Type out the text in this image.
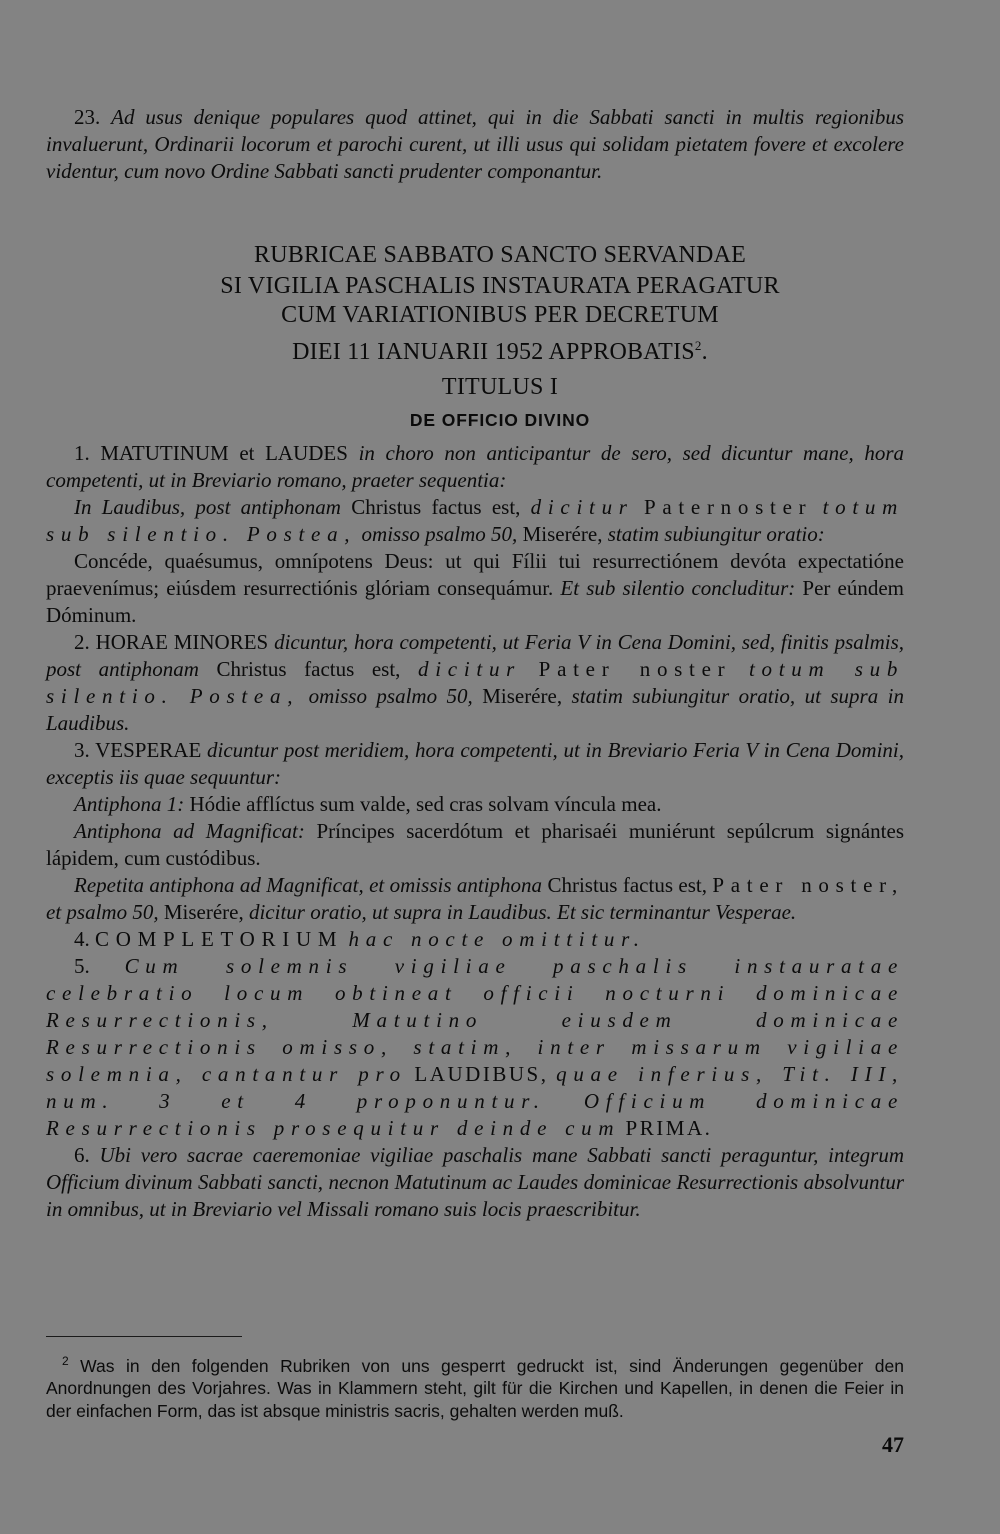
23. Ad usus denique populares quod attinet, qui in die Sabbati sancti in multis regionibus invaluerunt, Ordinarii locorum et parochi curent, ut illi usus qui solidam pietatem fovere et excolere videntur, cum novo Ordine Sabbati sancti prudenter componantur.

RUBRICAE SABBATO SANCTO SERVANDAE
SI VIGILIA PASCHALIS INSTAURATA PERAGATUR
CUM VARIATIONIBUS PER DECRETUM
DIEI 11 IANUARII 1952 APPROBATIS$^2$.
TITULUS I
DE OFFICIO DIVINO

1. MATUTINUM et LAUDES in choro non anticipantur de sero, sed dicuntur mane, hora competenti, ut in Breviario romano, praeter sequentia:

In Laudibus, post antiphonam Christus factus est, dicitur Paternoster totum sub silentio. Postea, omisso psalmo 50, Miserére, statim subiungitur oratio:

Concéde, quaésumus, omnípotens Deus: ut qui Fílii tui resurrectiónem devóta expectatióne praevenímus; eiúsdem resurrectiónis glóriam consequámur. Et sub silentio concluditur: Per eúndem Dóminum.

2. HORAE MINORES dicuntur, hora competenti, ut Feria V in Cena Domini, sed, finitis psalmis, post antiphonam Christus factus est, dicitur Pater noster totum sub silentio. Postea, omisso psalmo 50, Miserére, statim subiungitur oratio, ut supra in Laudibus.

3. VESPERAE dicuntur post meridiem, hora competenti, ut in Breviario Feria V in Cena Domini, exceptis iis quae sequuntur:

Antiphona 1: Hódie afflíctus sum valde, sed cras solvam víncula mea.

Antiphona ad Magnificat: Príncipes sacerdótum et pharisaéi muniérunt sepúlcrum signántes lápidem, cum custódibus.

Repetita antiphona ad Magnificat, et omissis antiphona Christus factus est, Pater noster, et psalmo 50, Miserére, dicitur oratio, ut supra in Laudibus. Et sic terminantur Vesperae.

4. COMPLETORIUM hac nocte omittitur.

5. Cum solemnis vigiliae paschalis instauratae celebratio locum obtineat officii nocturni dominicae Resurrectionis, Matutino eiusdem dominicae Resurrectionis omisso, statim, inter missarum vigiliae solemnia, cantantur pro LAUDIBUS, quae inferius, Tit. III, num. 3 et 4 proponuntur. Officium dominicae Resurrectionis prosequitur deinde cum PRIMA.

6. Ubi vero sacrae caeremoniae vigiliae paschalis mane Sabbati sancti peraguntur, integrum Officium divinum Sabbati sancti, necnon Matutinum ac Laudes dominicae Resurrectionis absolvuntur in omnibus, ut in Breviario vel Missali romano suis locis praescribitur.

$^2$ Was in den folgenden Rubriken von uns gesperrt gedruckt ist, sind Änderungen gegenüber den Anordnungen des Vorjahres. Was in Klammern steht, gilt für die Kirchen und Kapellen, in denen die Feier in der einfachen Form, das ist absque ministris sacris, gehalten werden muß.

47
